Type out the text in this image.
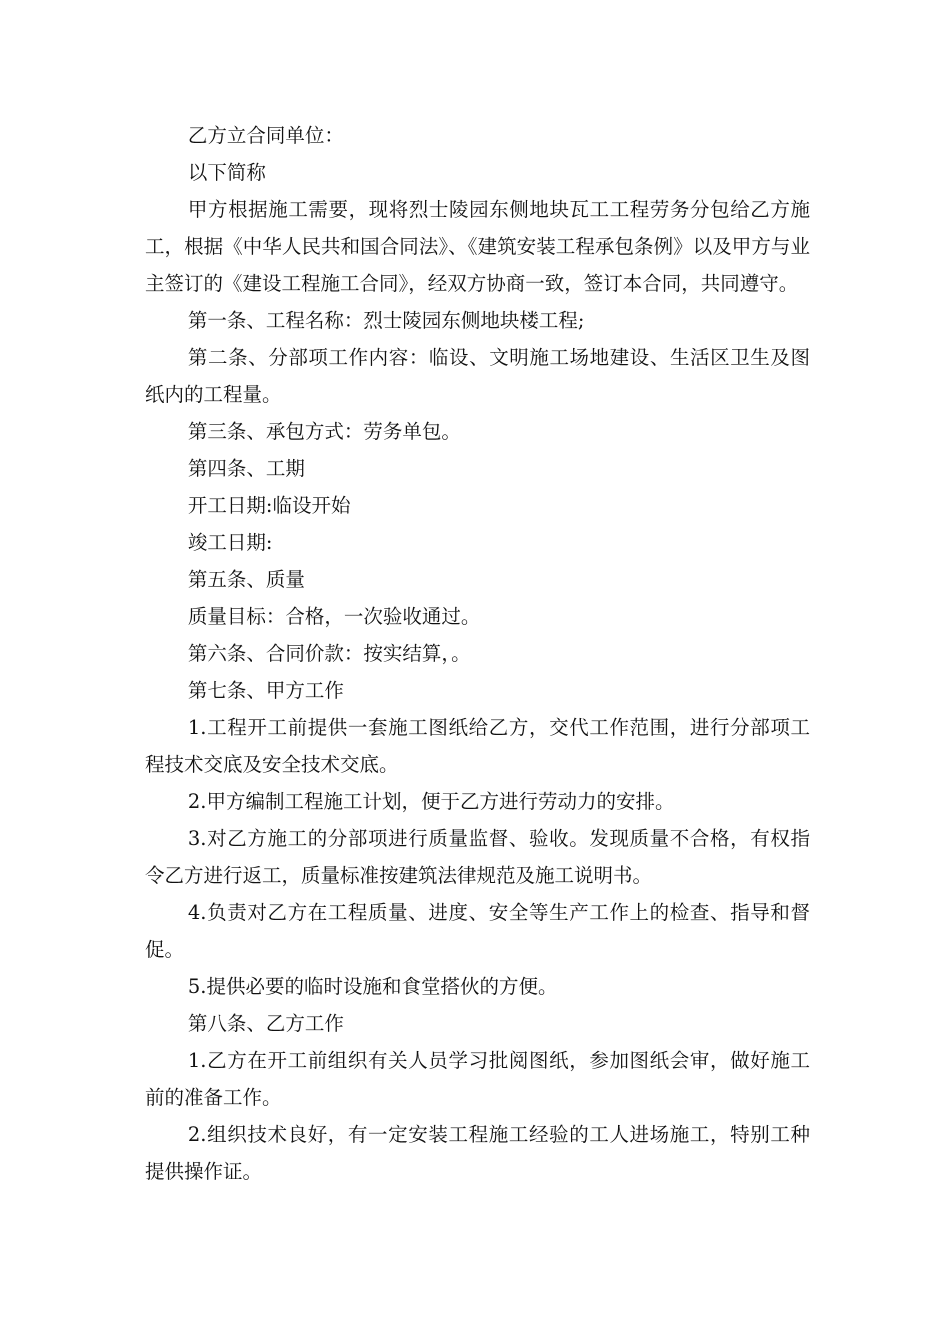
乙方立合同单位：

以下简称

甲方根据施工需要，现将烈士陵园东侧地块瓦工工程劳务分包给乙方施工，根据《中华人民共和国合同法》、《建筑安装工程承包条例》以及甲方与业主签订的《建设工程施工合同》，经双方协商一致，签订本合同，共同遵守。

第一条、工程名称：烈士陵园东侧地块楼工程;

第二条、分部项工作内容：临设、文明施工场地建设、生活区卫生及图纸内的工程量。

第三条、承包方式：劳务单包。

第四条、工期

开工日期:临设开始

竣工日期:

第五条、质量

质量目标：合格，一次验收通过。

第六条、合同价款：按实结算，。

第七条、甲方工作

1.工程开工前提供一套施工图纸给乙方，交代工作范围，进行分部项工程技术交底及安全技术交底。

2.甲方编制工程施工计划，便于乙方进行劳动力的安排。

3.对乙方施工的分部项进行质量监督、验收。发现质量不合格，有权指令乙方进行返工，质量标准按建筑法律规范及施工说明书。

4.负责对乙方在工程质量、进度、安全等生产工作上的检查、指导和督促。

5.提供必要的临时设施和食堂搭伙的方便。

第八条、乙方工作

1.乙方在开工前组织有关人员学习批阅图纸，参加图纸会审，做好施工前的准备工作。

2.组织技术良好，有一定安装工程施工经验的工人进场施工，特别工种提供操作证。
